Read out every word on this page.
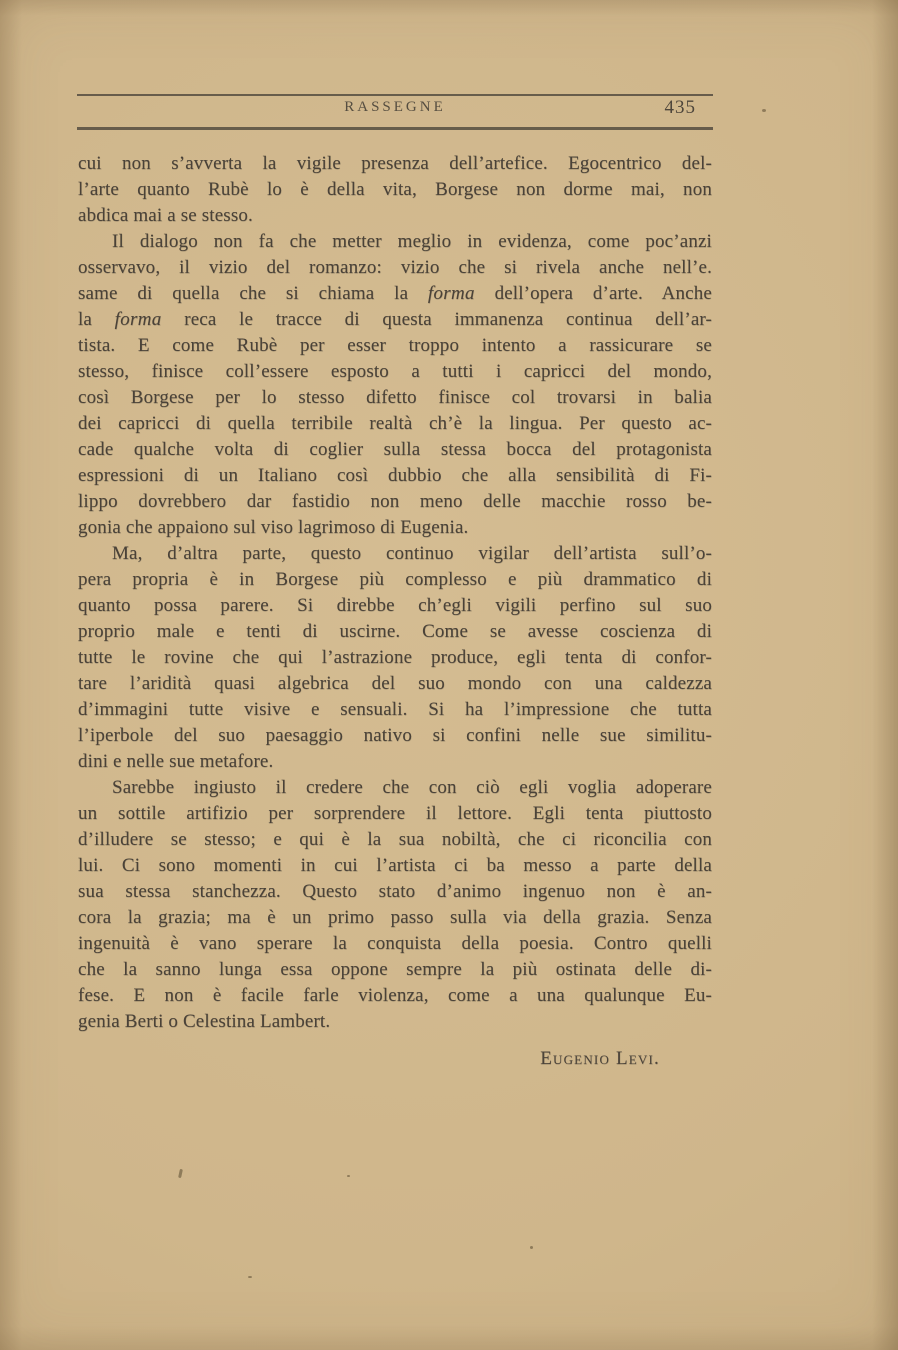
RASSEGNE	435
cui non s’avverta la vigile presenza dell’artefice. Egocentrico del-
l’arte quanto Rubè lo è della vita, Borgese non dorme mai, non
abdica mai a se stesso.
Il dialogo non fa che metter meglio in evidenza, come poc’anzi
osservavo, il vizio del romanzo: vizio che si rivela anche nell’e.
same di quella che si chiama la forma dell’opera d’arte. Anche
la forma reca le tracce di questa immanenza continua dell’ar-
tista. E come Rubè per esser troppo intento a rassicurare se
stesso, finisce coll’essere esposto a tutti i capricci del mondo,
così Borgese per lo stesso difetto finisce col trovarsi in balia
dei capricci di quella terribile realtà ch’è la lingua. Per questo ac-
cade qualche volta di coglier sulla stessa bocca del protagonista
espressioni di un Italiano così dubbio che alla sensibilità di Fi-
lippo dovrebbero dar fastidio non meno delle macchie rosso be-
gonia che appaiono sul viso lagrimoso di Eugenia.
Ma, d’altra parte, questo continuo vigilar dell’artista sull’o-
pera propria è in Borgese più complesso e più drammatico di
quanto possa parere. Si direbbe ch’egli vigili perfino sul suo
proprio male e tenti di uscirne. Come se avesse coscienza di
tutte le rovine che qui l’astrazione produce, egli tenta di confor-
tare l’aridità quasi algebrica del suo mondo con una caldezza
d’immagini tutte visive e sensuali. Si ha l’impressione che tutta
l’iperbole del suo paesaggio nativo si confini nelle sue similitu-
dini e nelle sue metafore.
Sarebbe ingiusto il credere che con ciò egli voglia adoperare
un sottile artifizio per sorprendere il lettore. Egli tenta piuttosto
d’illudere se stesso; e qui è la sua nobiltà, che ci riconcilia con
lui. Ci sono momenti in cui l’artista ci ba messo a parte della
sua stessa stanchezza. Questo stato d’animo ingenuo non è an-
cora la grazia; ma è un primo passo sulla via della grazia. Senza
ingenuità è vano sperare la conquista della poesia. Contro quelli
che la sanno lunga essa oppone sempre la più ostinata delle di-
fese. E non è facile farle violenza, come a una qualunque Eu-
genia Berti o Celestina Lambert.
Eugenio Levi.
